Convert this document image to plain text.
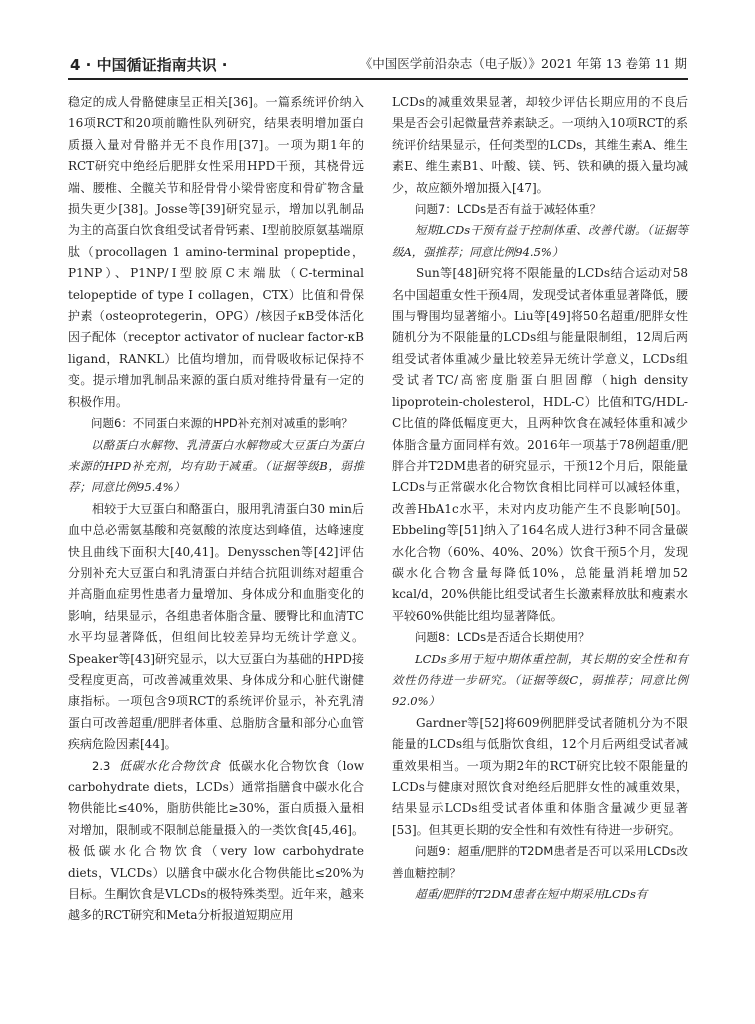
4 · 中国循证指南共识 ·	《中国医学前沿杂志（电子版）》2021 年第 13 卷第 11 期

稳定的成人骨骼健康呈正相关[36]。一篇系统评价纳入16项RCT和20项前瞻性队列研究，结果表明增加蛋白质摄入量对骨骼并无不良作用[37]。一项为期1年的RCT研究中绝经后肥胖女性采用HPD干预，其桡骨远端、腰椎、全髋关节和胫骨骨小梁骨密度和骨矿物含量损失更少[38]。Josse等[39]研究显示，增加以乳制品为主的高蛋白饮食组受试者骨钙素、Ⅰ型前胶原氨基端原肽（procollagen 1 amino-terminal propeptide，P1NP）、P1NP/Ⅰ型胶原C末端肽（C-terminal telopeptide of type Ⅰ collagen，CTX）比值和骨保护素（osteoprotegerin，OPG）/核因子κB受体活化因子配体（receptor activator of nuclear factor-κB ligand，RANKL）比值均增加，而骨吸收标记保持不变。提示增加乳制品来源的蛋白质对维持骨量有一定的积极作用。

问题6：不同蛋白来源的HPD补充剂对减重的影响？

以酪蛋白水解物、乳清蛋白水解物或大豆蛋白为蛋白来源的HPD补充剂，均有助于减重。（证据等级B，弱推荐；同意比例95.4%）

相较于大豆蛋白和酪蛋白，服用乳清蛋白30 min后血中总必需氨基酸和亮氨酸的浓度达到峰值，达峰速度快且曲线下面积大[40,41]。Denysschen等[42]评估分别补充大豆蛋白和乳清蛋白并结合抗阻训练对超重合并高脂血症男性患者力量增加、身体成分和血脂变化的影响，结果显示，各组患者体脂含量、腰臀比和血清TC水平均显著降低，但组间比较差异均无统计学意义。Speaker等[43]研究显示，以大豆蛋白为基础的HPD接受程度更高，可改善减重效果、身体成分和心脏代谢健康指标。一项包含9项RCT的系统评价显示，补充乳清蛋白可改善超重/肥胖者体重、总脂肪含量和部分心血管疾病危险因素[44]。

2.3 低碳水化合物饮食 低碳水化合物饮食（low carbohydrate diets，LCDs）通常指膳食中碳水化合物供能比≤40%，脂肪供能比≥30%，蛋白质摄入量相对增加，限制或不限制总能量摄入的一类饮食[45,46]。极低碳水化合物饮食（very low carbohydrate diets，VLCDs）以膳食中碳水化合物供能比≤20%为目标。生酮饮食是VLCDs的极特殊类型。近年来，越来越多的RCT研究和Meta分析报道短期应用

LCDs的减重效果显著，却较少评估长期应用的不良后果是否会引起微量营养素缺乏。一项纳入10项RCT的系统评价结果显示，任何类型的LCDs，其维生素A、维生素E、维生素B1、叶酸、镁、钙、铁和碘的摄入量均减少，故应额外增加摄入[47]。

问题7：LCDs是否有益于减轻体重？

短期LCDs干预有益于控制体重、改善代谢。（证据等级A，强推荐；同意比例94.5%）

Sun等[48]研究将不限能量的LCDs结合运动对58名中国超重女性干预4周，发现受试者体重显著降低，腰围与臀围均显著缩小。Liu等[49]将50名超重/肥胖女性随机分为不限能量的LCDs组与能量限制组，12周后两组受试者体重减少量比较差异无统计学意义，LCDs组受试者TC/高密度脂蛋白胆固醇（high density lipoprotein-cholesterol，HDL-C）比值和TG/HDL-C比值的降低幅度更大，且两种饮食在减轻体重和减少体脂含量方面同样有效。2016年一项基于78例超重/肥胖合并T2DM患者的研究显示，干预12个月后，限能量LCDs与正常碳水化合物饮食相比同样可以减轻体重，改善HbA1c水平，未对内皮功能产生不良影响[50]。Ebbeling等[51]纳入了164名成人进行3种不同含量碳水化合物（60%、40%、20%）饮食干预5个月，发现碳水化合物含量每降低10%，总能量消耗增加52 kcal/d，20%供能比组受试者生长激素释放肽和瘦素水平较60%供能比组均显著降低。

问题8：LCDs是否适合长期使用？

LCDs多用于短中期体重控制，其长期的安全性和有效性仍待进一步研究。（证据等级C，弱推荐；同意比例92.0%）

Gardner等[52]将609例肥胖受试者随机分为不限能量的LCDs组与低脂饮食组，12个月后两组受试者减重效果相当。一项为期2年的RCT研究比较不限能量的LCDs与健康对照饮食对绝经后肥胖女性的减重效果，结果显示LCDs组受试者体重和体脂含量减少更显著[53]。但其更长期的安全性和有效性有待进一步研究。

问题9：超重/肥胖的T2DM患者是否可以采用LCDs改善血糖控制？

超重/肥胖的T2DM患者在短中期采用LCDs有
